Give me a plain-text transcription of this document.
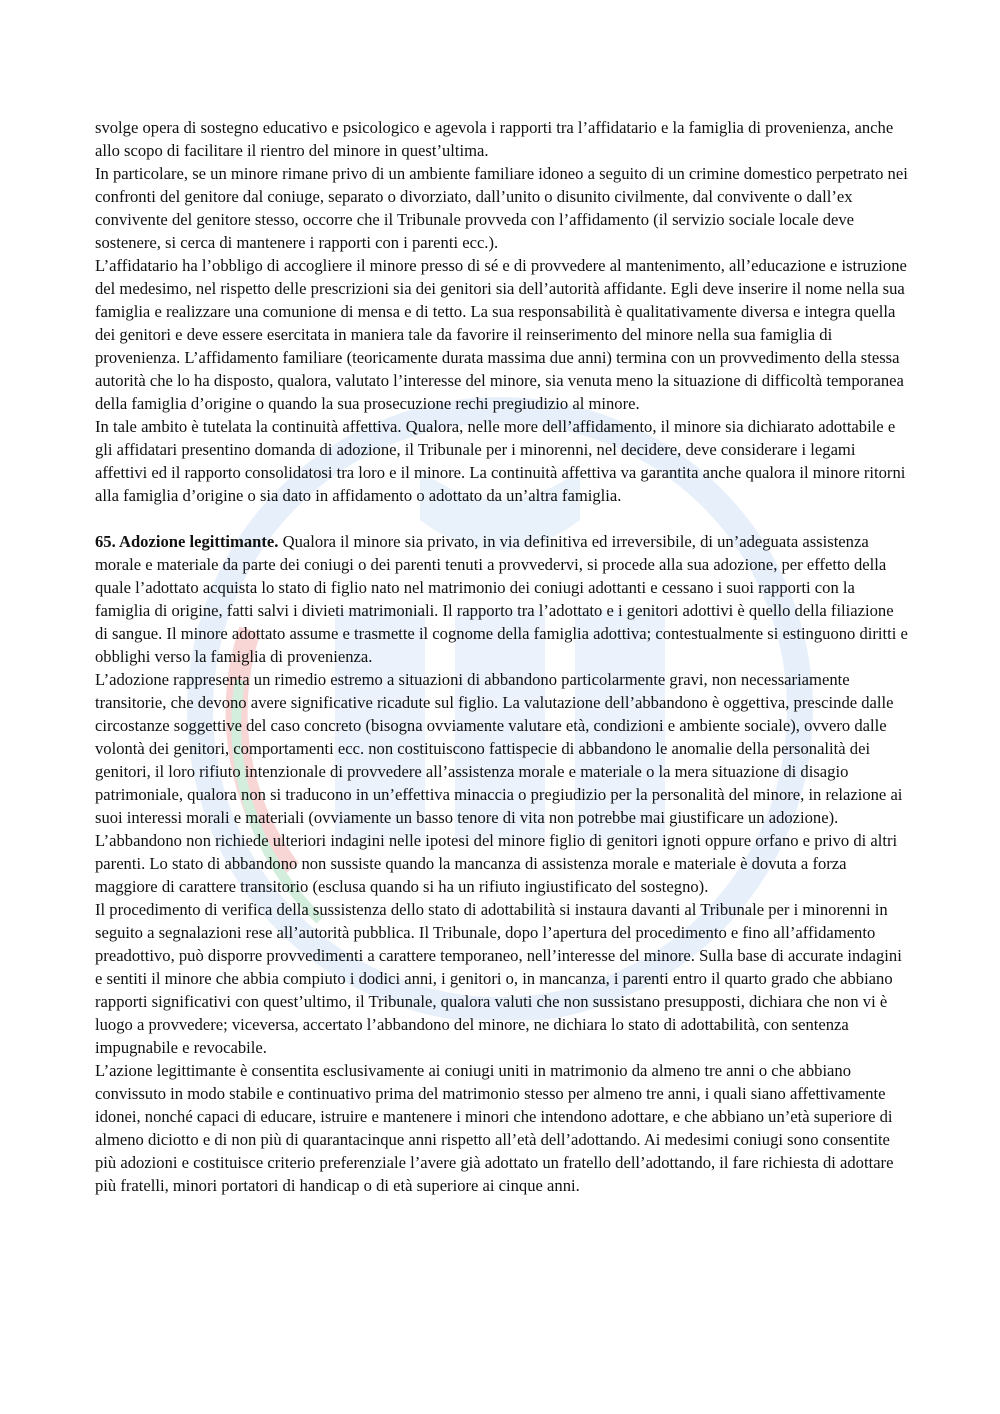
svolge opera di sostegno educativo e psicologico e agevola i rapporti tra l’affidatario e la famiglia di provenienza, anche allo scopo di facilitare il rientro del minore in quest’ultima.

In particolare, se un minore rimane privo di un ambiente familiare idoneo a seguito di un crimine domestico perpetrato nei confronti del genitore dal coniuge, separato o divorziato, dall’unito o disunito civilmente, dal convivente o dall’ex convivente del genitore stesso, occorre che il Tribunale provveda con l’affidamento (il servizio sociale locale deve sostenere, si cerca di mantenere i rapporti con i parenti ecc.).

L’affidatario ha l’obbligo di accogliere il minore presso di sé e di provvedere al mantenimento, all’educazione e istruzione del medesimo, nel rispetto delle prescrizioni sia dei genitori sia dell’autorità affidante. Egli deve inserire il nome nella sua famiglia e realizzare una comunione di mensa e di tetto. La sua responsabilità è qualitativamente diversa e integra quella dei genitori e deve essere esercitata in maniera tale da favorire il reinserimento del minore nella sua famiglia di provenienza. L’affidamento familiare (teoricamente durata massima due anni) termina con un provvedimento della stessa autorità che lo ha disposto, qualora, valutato l’interesse del minore, sia venuta meno la situazione di difficoltà temporanea della famiglia d’origine o quando la sua prosecuzione rechi pregiudizio al minore.

In tale ambito è tutelata la continuità affettiva. Qualora, nelle more dell’affidamento, il minore sia dichiarato adottabile e gli affidatari presentino domanda di adozione, il Tribunale per i minorenni, nel decidere, deve considerare i legami affettivi ed il rapporto consolidatosi tra loro e il minore. La continuità affettiva va garantita anche qualora il minore ritorni alla famiglia d’origine o sia dato in affidamento o adottato da un’altra famiglia.

65. Adozione legittimante. Qualora il minore sia privato, in via definitiva ed irreversibile, di un’adeguata assistenza morale e materiale da parte dei coniugi o dei parenti tenuti a provvedervi, si procede alla sua adozione, per effetto della quale l’adottato acquista lo stato di figlio nato nel matrimonio dei coniugi adottanti e cessano i suoi rapporti con la famiglia di origine, fatti salvi i divieti matrimoniali. Il rapporto tra l’adottato e i genitori adottivi è quello della filiazione di sangue. Il minore adottato assume e trasmette il cognome della famiglia adottiva; contestualmente si estinguono diritti e obblighi verso la famiglia di provenienza.

L’adozione rappresenta un rimedio estremo a situazioni di abbandono particolarmente gravi, non necessariamente transitorie, che devono avere significative ricadute sul figlio. La valutazione dell’abbandono è oggettiva, prescinde dalle circostanze soggettive del caso concreto (bisogna ovviamente valutare età, condizioni e ambiente sociale), ovvero dalle volontà dei genitori, comportamenti ecc. non costituiscono fattispecie di abbandono le anomalie della personalità dei genitori, il loro rifiuto intenzionale di provvedere all’assistenza morale e materiale o la mera situazione di disagio patrimoniale, qualora non si traducono in un’effettiva minaccia o pregiudizio per la personalità del minore, in relazione ai suoi interessi morali e materiali (ovviamente un basso tenore di vita non potrebbe mai giustificare un adozione). L’abbandono non richiede ulteriori indagini nelle ipotesi del minore figlio di genitori ignoti oppure orfano e privo di altri parenti. Lo stato di abbandono non sussiste quando la mancanza di assistenza morale e materiale è dovuta a forza maggiore di carattere transitorio (esclusa quando si ha un rifiuto ingiustificato del sostegno).

Il procedimento di verifica della sussistenza dello stato di adottabilità si instaura davanti al Tribunale per i minorenni in seguito a segnalazioni rese all’autorità pubblica. Il Tribunale, dopo l’apertura del procedimento e fino all’affidamento preadottivo, può disporre provvedimenti a carattere temporaneo, nell’interesse del minore. Sulla base di accurate indagini e sentiti il minore che abbia compiuto i dodici anni, i genitori o, in mancanza, i parenti entro il quarto grado che abbiano rapporti significativi con quest’ultimo, il Tribunale, qualora valuti che non sussistano presupposti, dichiara che non vi è luogo a provvedere; viceversa, accertato l’abbandono del minore, ne dichiara lo stato di adottabilità, con sentenza impugnabile e revocabile.

L’azione legittimante è consentita esclusivamente ai coniugi uniti in matrimonio da almeno tre anni o che abbiano convissuto in modo stabile e continuativo prima del matrimonio stesso per almeno tre anni, i quali siano affettivamente idonei, nonché capaci di educare, istruire e mantenere i minori che intendono adottare, e che abbiano un’età superiore di almeno diciotto e di non più di quarantacinque anni rispetto all’età dell’adottando. Ai medesimi coniugi sono consentite più adozioni e costituisce criterio preferenziale l’avere già adottato un fratello dell’adottando, il fare richiesta di adottare più fratelli, minori portatori di handicap o di età superiore ai cinque anni.
